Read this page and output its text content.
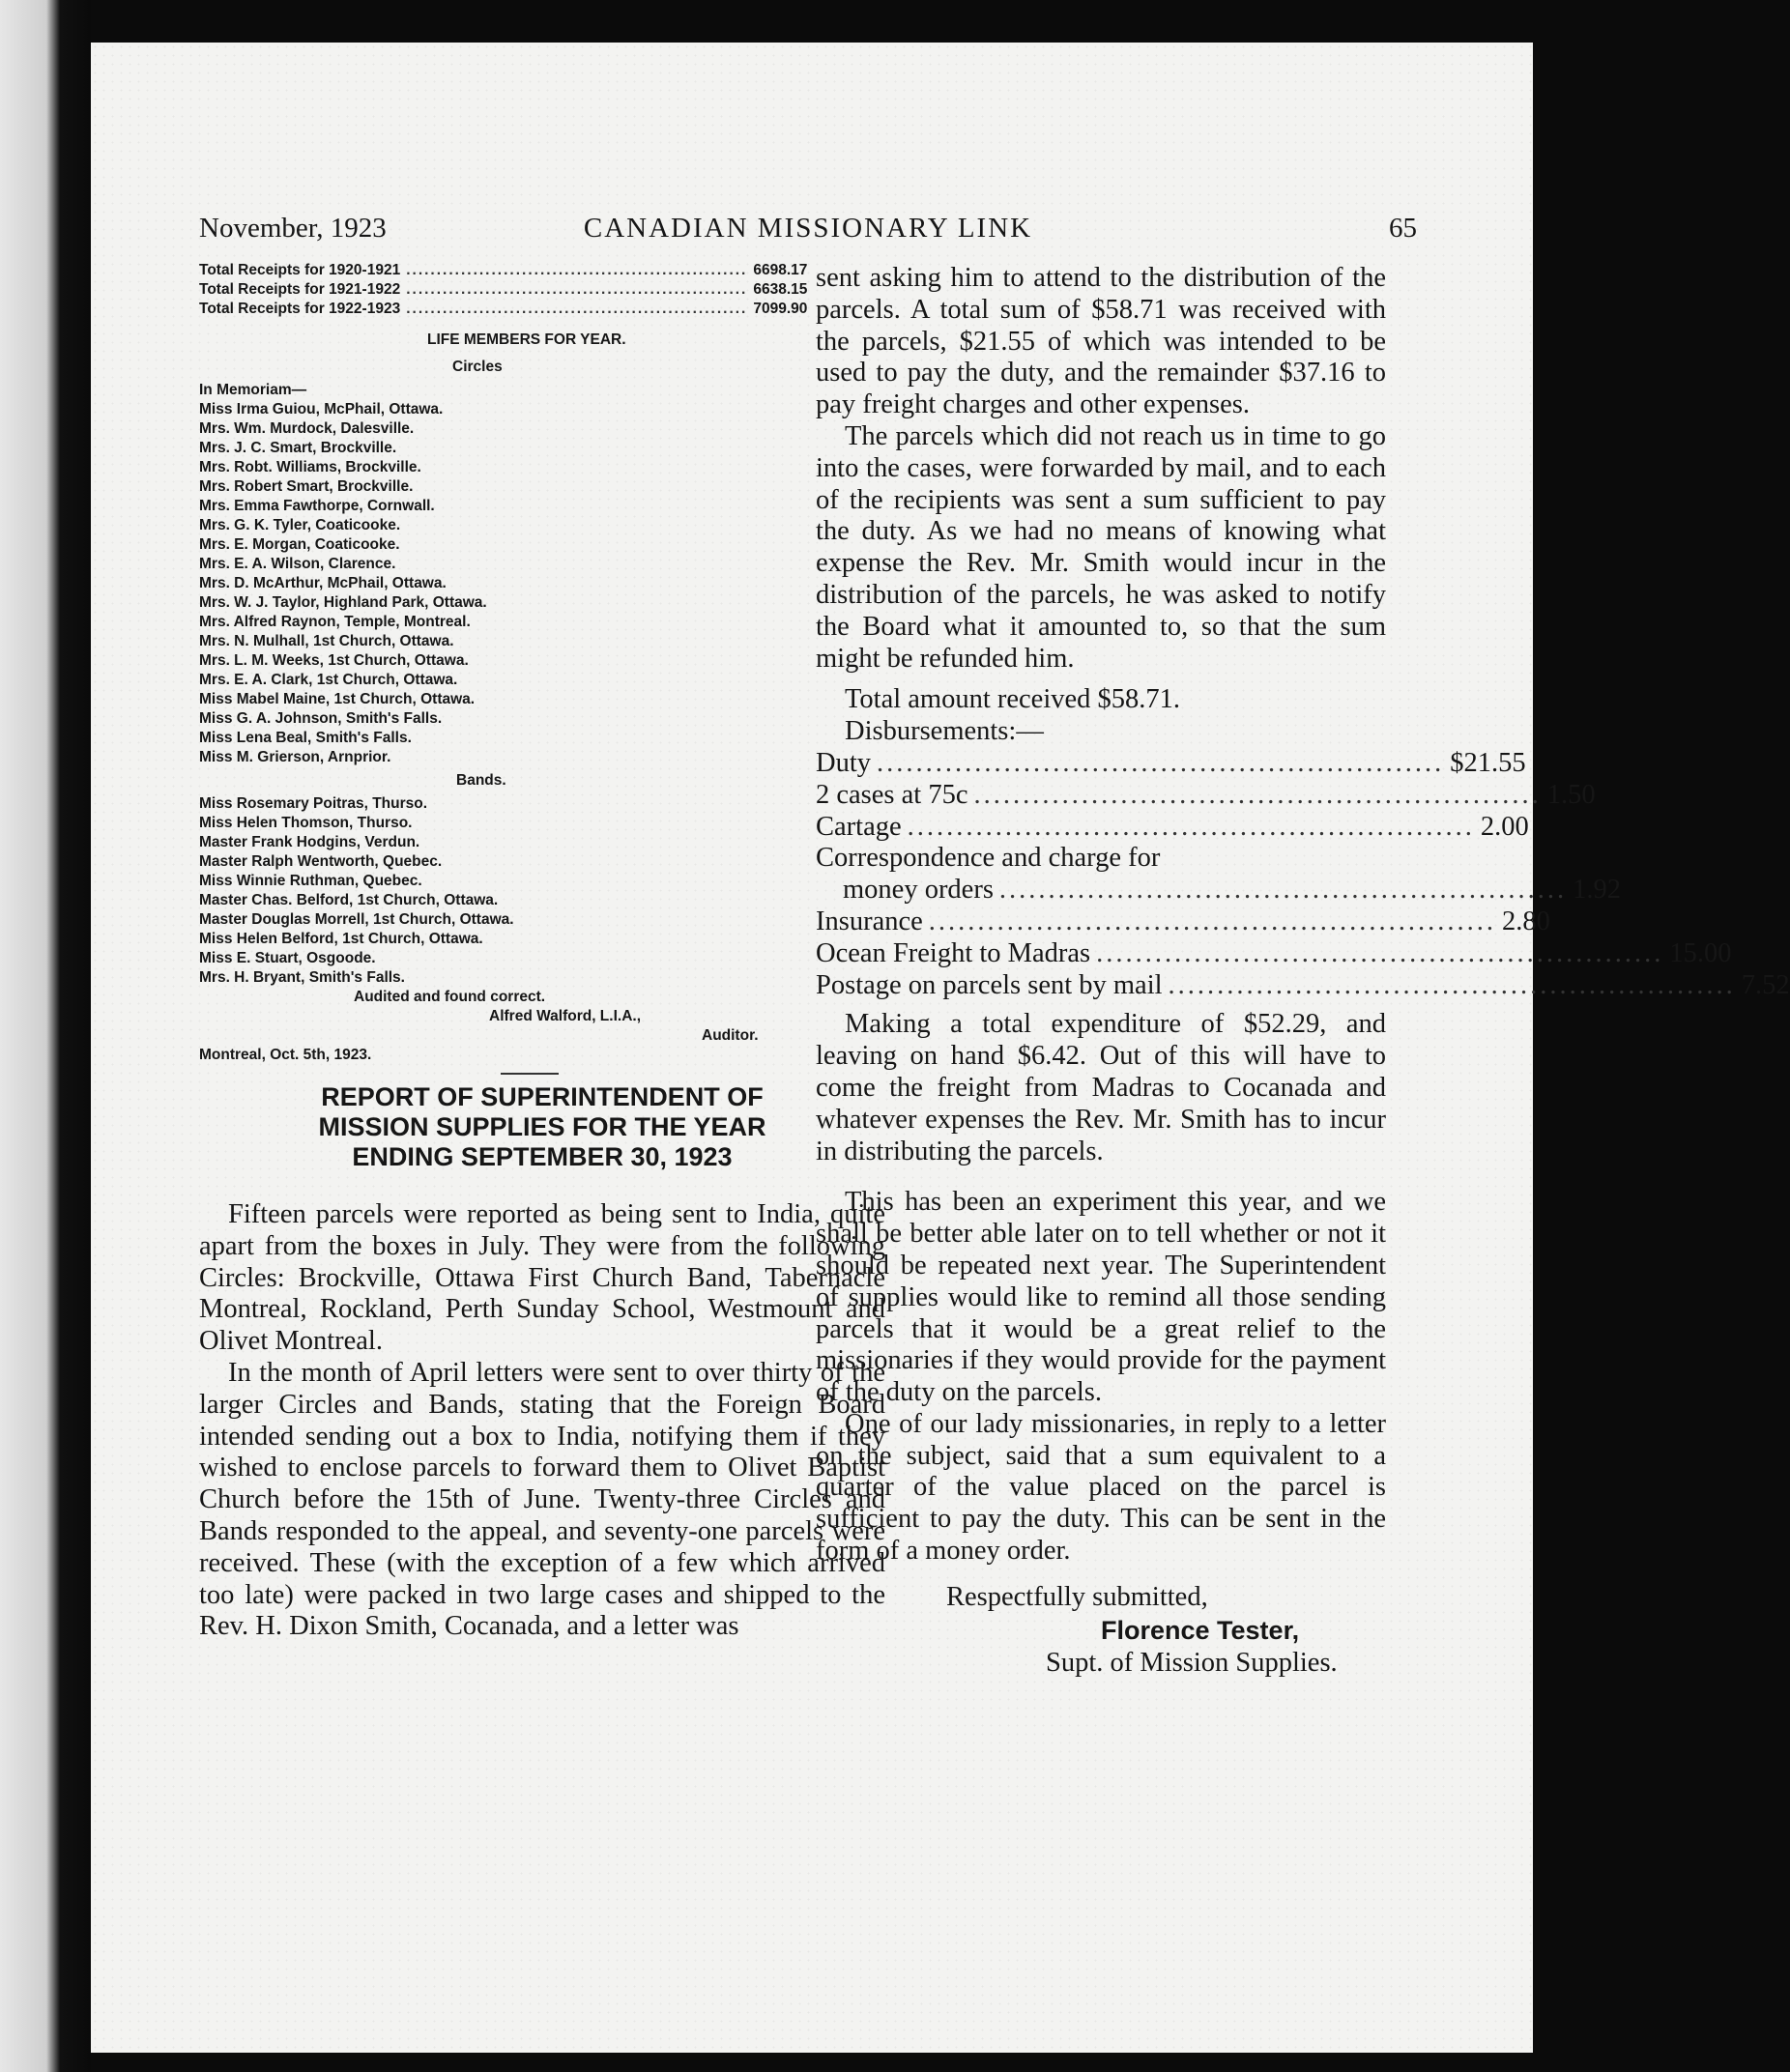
November, 1923	CANADIAN MISSIONARY LINK	65
Total Receipts for 1920-1921 ........................................................ 6698.17
Total Receipts for 1921-1922 ........................................................ 6638.15
Total Receipts for 1922-1923 ........................................................ 7099.90
LIFE MEMBERS FOR YEAR.
Circles
In Memoriam—
Miss Irma Guiou, McPhail, Ottawa.
Mrs. Wm. Murdock, Dalesville.
Mrs. J. C. Smart, Brockville.
Mrs. Robt. Williams, Brockville.
Mrs. Robert Smart, Brockville.
Mrs. Emma Fawthorpe, Cornwall.
Mrs. G. K. Tyler, Coaticooke.
Mrs. E. Morgan, Coaticooke.
Mrs. E. A. Wilson, Clarence.
Mrs. D. McArthur, McPhail, Ottawa.
Mrs. W. J. Taylor, Highland Park, Ottawa.
Mrs. Alfred Raynon, Temple, Montreal.
Mrs. N. Mulhall, 1st Church, Ottawa.
Mrs. L. M. Weeks, 1st Church, Ottawa.
Mrs. E. A. Clark, 1st Church, Ottawa.
Miss Mabel Maine, 1st Church, Ottawa.
Miss G. A. Johnson, Smith's Falls.
Miss Lena Beal, Smith's Falls.
Miss M. Grierson, Arnprior.
Bands.
Miss Rosemary Poitras, Thurso.
Miss Helen Thomson, Thurso.
Master Frank Hodgins, Verdun.
Master Ralph Wentworth, Quebec.
Miss Winnie Ruthman, Quebec.
Master Chas. Belford, 1st Church, Ottawa.
Master Douglas Morrell, 1st Church, Ottawa.
Miss Helen Belford, 1st Church, Ottawa.
Miss E. Stuart, Osgoode.
Mrs. H. Bryant, Smith's Falls.
Audited and found correct.
Alfred Walford, L.I.A.,
Auditor.
Montreal, Oct. 5th, 1923.
REPORT OF SUPERINTENDENT OF
MISSION SUPPLIES FOR THE YEAR
ENDING SEPTEMBER 30, 1923

Fifteen parcels were reported as being sent to India, quite apart from the boxes in July. They were from the following Circles: Brockville, Ottawa First Church Band, Tabernacle Montreal, Rockland, Perth Sunday School, Westmount and Olivet Montreal.

In the month of April letters were sent to over thirty of the larger Circles and Bands, stating that the Foreign Board intended sending out a box to India, notifying them if they wished to enclose parcels to forward them to Olivet Baptist Church before the 15th of June. Twenty-three Circles and Bands responded to the appeal, and seventy-one parcels were received. These (with the exception of a few which arrived too late) were packed in two large cases and shipped to the Rev. H. Dixon Smith, Cocanada, and a letter was

sent asking him to attend to the distribution of the parcels. A total sum of $58.71 was received with the parcels, $21.55 of which was intended to be used to pay the duty, and the remainder $37.16 to pay freight charges and other expenses.

The parcels which did not reach us in time to go into the cases, were forwarded by mail, and to each of the recipients was sent a sum sufficient to pay the duty. As we had no means of knowing what expense the Rev. Mr. Smith would incur in the distribution of the parcels, he was asked to notify the Board what it amounted to, so that the sum might be refunded him.

Total amount received $58.71.
Disbursements:—
Duty .......................................................... $21.55
2 cases at 75c .......................................................... 1.50
Cartage .......................................................... 2.00
Correspondence and charge for
money orders .......................................................... 1.92
Insurance .......................................................... 2.80
Ocean Freight to Madras .......................................................... 15.00
Postage on parcels sent by mail .......................................................... 7.52

Making a total expenditure of $52.29, and leaving on hand $6.42. Out of this will have to come the freight from Madras to Cocanada and whatever expenses the Rev. Mr. Smith has to incur in distributing the parcels.

This has been an experiment this year, and we shall be better able later on to tell whether or not it should be repeated next year. The Superintendent of supplies would like to remind all those sending parcels that it would be a great relief to the missionaries if they would provide for the payment of the duty on the parcels.

One of our lady missionaries, in reply to a letter on the subject, said that a sum equivalent to a quarter of the value placed on the parcel is sufficient to pay the duty. This can be sent in the form of a money order.

Respectfully submitted,
Florence Tester,
Supt. of Mission Supplies.
